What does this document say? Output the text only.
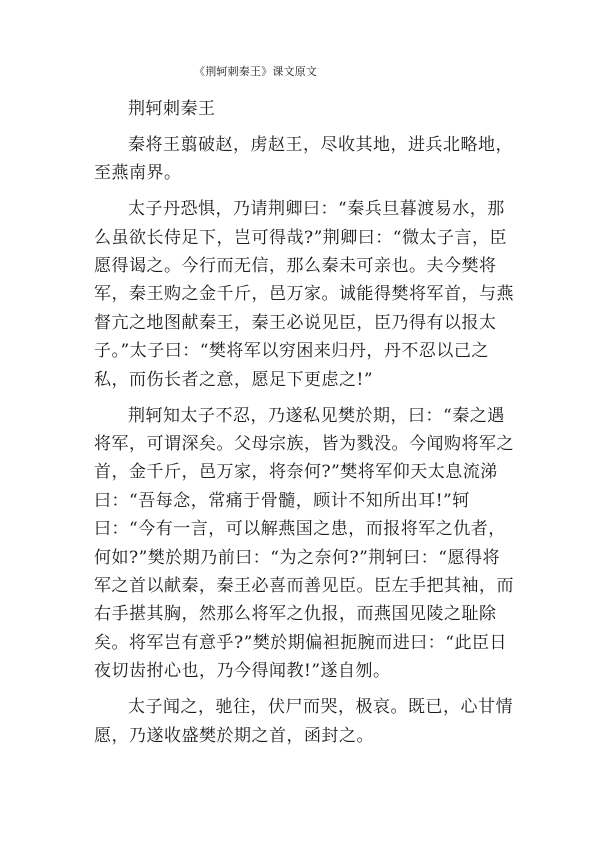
《荆轲刺秦王》课文原文

荆轲刺秦王

秦将王翦破赵，虏赵王，尽收其地，进兵北略地，至燕南界。

太子丹恐惧，乃请荆卿曰：“秦兵旦暮渡易水，那么虽欲长侍足下，岂可得哉?”荆卿曰：“微太子言，臣愿得谒之。今行而无信，那么秦未可亲也。夫今樊将军，秦王购之金千斤，邑万家。诚能得樊将军首，与燕督亢之地图献秦王，秦王必说见臣，臣乃得有以报太子。”太子曰：“樊将军以穷困来归丹，丹不忍以己之私，而伤长者之意，愿足下更虑之!”

荆轲知太子不忍，乃遂私见樊於期，曰：“秦之遇将军，可谓深矣。父母宗族，皆为戮没。今闻购将军之首，金千斤，邑万家，将奈何?”樊将军仰天太息流涕曰：“吾每念，常痛于骨髓，顾计不知所出耳!”轲曰：“今有一言，可以解燕国之患，而报将军之仇者，何如?”樊於期乃前曰：“为之奈何?”荆轲曰：“愿得将军之首以献秦，秦王必喜而善见臣。臣左手把其袖，而右手揕其胸，然那么将军之仇报，而燕国见陵之耻除矣。将军岂有意乎?”樊於期偏袒扼腕而进曰：“此臣日夜切齿拊心也，乃今得闻教!”遂自刎。

太子闻之，驰往，伏尸而哭，极哀。既已，心甘情愿，乃遂收盛樊於期之首，函封之。
